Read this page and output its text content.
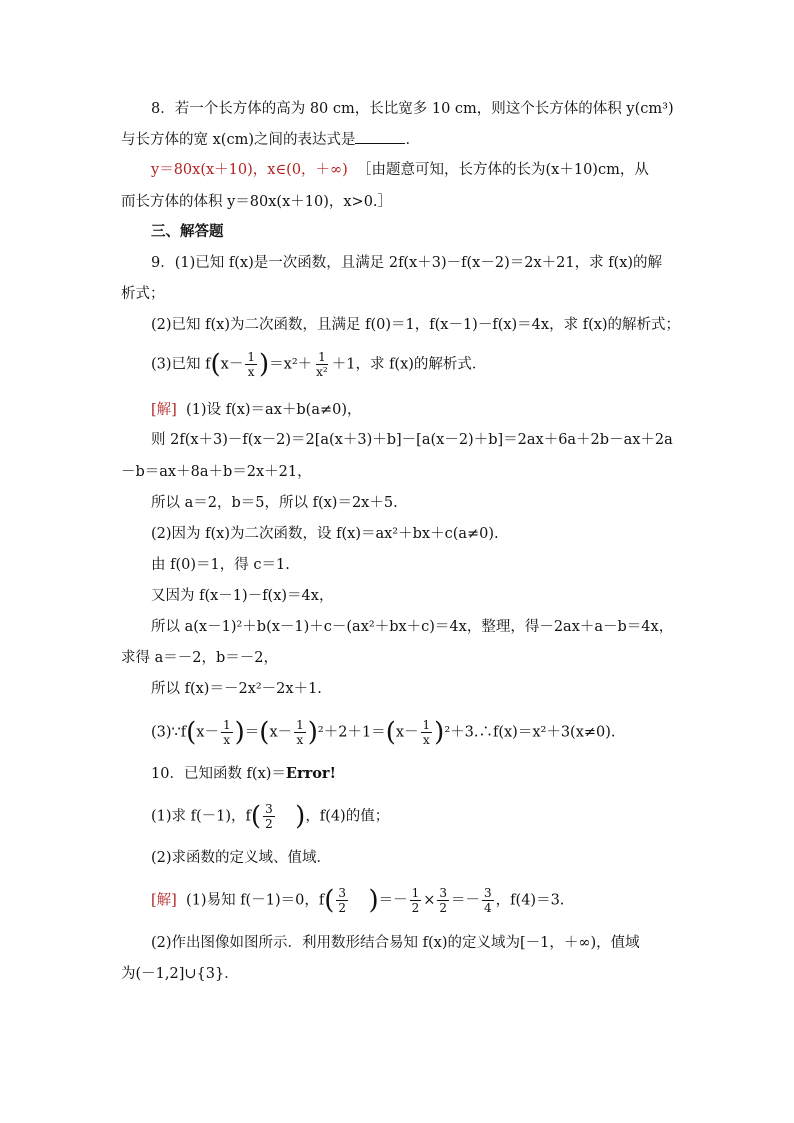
8．若一个长方体的高为 80 cm，长比宽多 10 cm，则这个长方体的体积 y(cm³)
与长方体的宽 x(cm)之间的表达式是	．
y＝80x(x＋10)，x∈(0，＋∞) ［由题意可知，长方体的长为(x＋10)cm，从
而长方体的体积 y＝80x(x＋10)，x>0.］
三、解答题
9．(1)已知 f(x)是一次函数，且满足 2f(x＋3)－f(x－2)＝2x＋21，求 f(x)的解
析式；
(2)已知 f(x)为二次函数，且满足 f(0)＝1，f(x－1)－f(x)＝4x，求 f(x)的解析式；
(3)已知 $f(x- \frac{1}{x} )=x^2+ \frac{1}{\text{x²}} +1$，求 f(x)的解析式．
[解] (1)设 f(x)＝ax＋b(a≠0)，
则 2f(x＋3)－f(x－2)＝2[a(x＋3)＋b]－[a(x－2)＋b]＝2ax＋6a＋2b－ax＋2a
－b＝ax＋8a＋b＝2x＋21，
所以 a＝2，b＝5，所以 f(x)＝2x＋5.
(2)因为 f(x)为二次函数，设 f(x)＝ax²＋bx＋c(a≠0).
由 f(0)＝1，得 c＝1.
又因为 f(x－1)－f(x)＝4x，
所以 a(x－1)²＋b(x－1)＋c－(ax²＋bx＋c)＝4x，整理，得－2ax＋a－b＝4x，
求得 a＝－2，b＝－2，
所以 f(x)＝－2x²－2x＋1.
(3)∵f(x－ $\frac{1}{x} )=(x- \frac{1}{x} )^2+2+1=(x- \frac{1}{x}$ )²＋3.∴f(x)＝x²＋3(x≠0).
10．已知函数 f(x)＝Error!
(1)求 f(－1)，$f( \frac{3}{2}$ )，f(4)的值；
(2)求函数的定义域、值域．
[解] (1)易知 f(－1)＝0，$f( \frac{3}{2}$ )＝－ $\frac{1}{2} \times \frac{3}{2} =- \frac{3}{4}$ ，f(4)＝3.
(2)作出图像如图所示．利用数形结合易知 f(x)的定义域为[－1，＋∞)，值域
为(－1,2]∪{3}．
